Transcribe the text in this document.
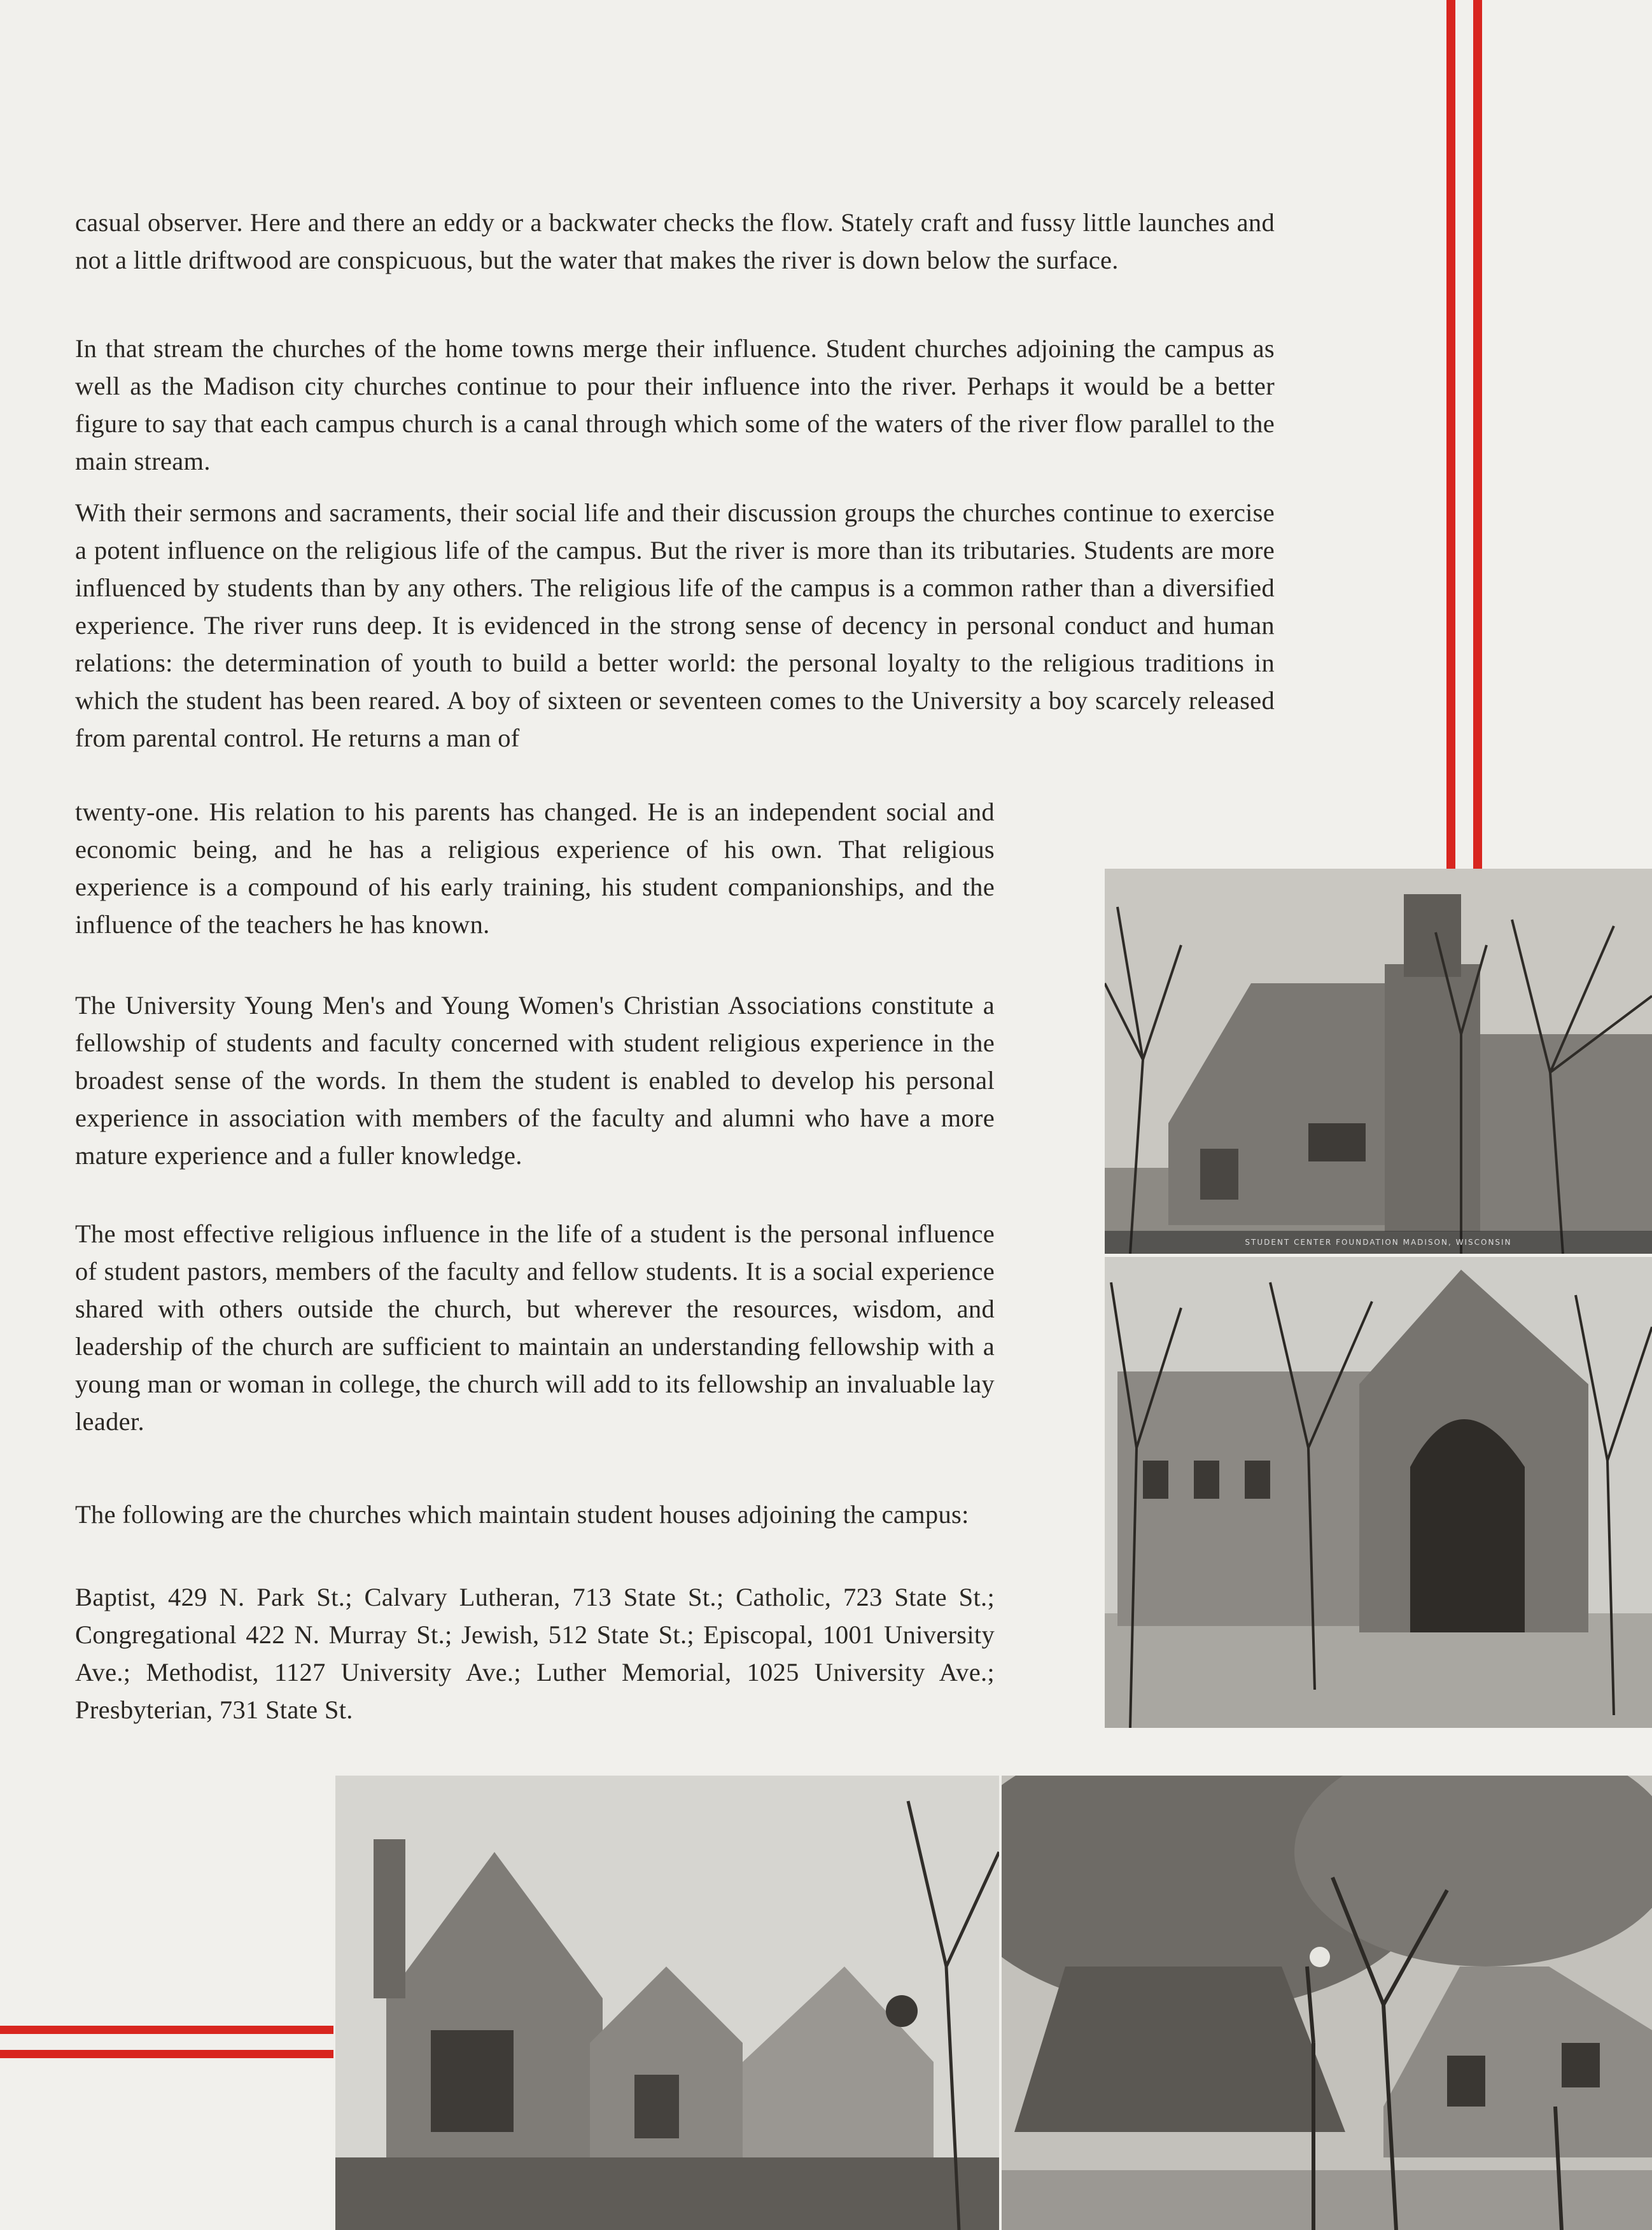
casual observer. Here and there an eddy or a backwater checks the flow. Stately craft and fussy little launches and not a little driftwood are conspicuous, but the water that makes the river is down below the surface.

In that stream the churches of the home towns merge their influence. Student churches adjoining the campus as well as the Madison city churches continue to pour their influence into the river. Perhaps it would be a better figure to say that each campus church is a canal through which some of the waters of the river flow parallel to the main stream.

With their sermons and sacraments, their social life and their discussion groups the churches continue to exercise a potent influence on the religious life of the campus. But the river is more than its tributaries. Students are more influenced by students than by any others. The religious life of the campus is a common rather than a diversified experience. The river runs deep. It is evidenced in the strong sense of decency in personal conduct and human relations: the determination of youth to build a better world: the personal loyalty to the religious traditions in which the student has been reared. A boy of sixteen or seventeen comes to the University a boy scarcely released from parental control. He returns a man of

twenty-one. His relation to his parents has changed. He is an independent social and economic being, and he has a religious experience of his own. That religious experience is a compound of his early training, his student companionships, and the influence of the teachers he has known.

The University Young Men's and Young Women's Christian Associations constitute a fellowship of students and faculty concerned with student religious experience in the broadest sense of the words. In them the student is enabled to develop his personal experience in association with members of the faculty and alumni who have a more mature experience and a fuller knowledge.

The most effective religious influence in the life of a student is the personal influence of student pastors, members of the faculty and fellow students. It is a social experience shared with others outside the church, but wherever the resources, wisdom, and leadership of the church are sufficient to maintain an understanding fellowship with a young man or woman in college, the church will add to its fellowship an invaluable lay leader.

The following are the churches which maintain student houses adjoining the campus:

Baptist, 429 N. Park St.; Calvary Lutheran, 713 State St.; Catholic, 723 State St.; Congregational 422 N. Murray St.; Jewish, 512 State St.; Episcopal, 1001 University Ave.; Methodist, 1127 University Ave.; Luther Memorial, 1025 University Ave.; Presbyterian, 731 State St.

STUDENT CENTER FOUNDATION MADISON, WISCONSIN
